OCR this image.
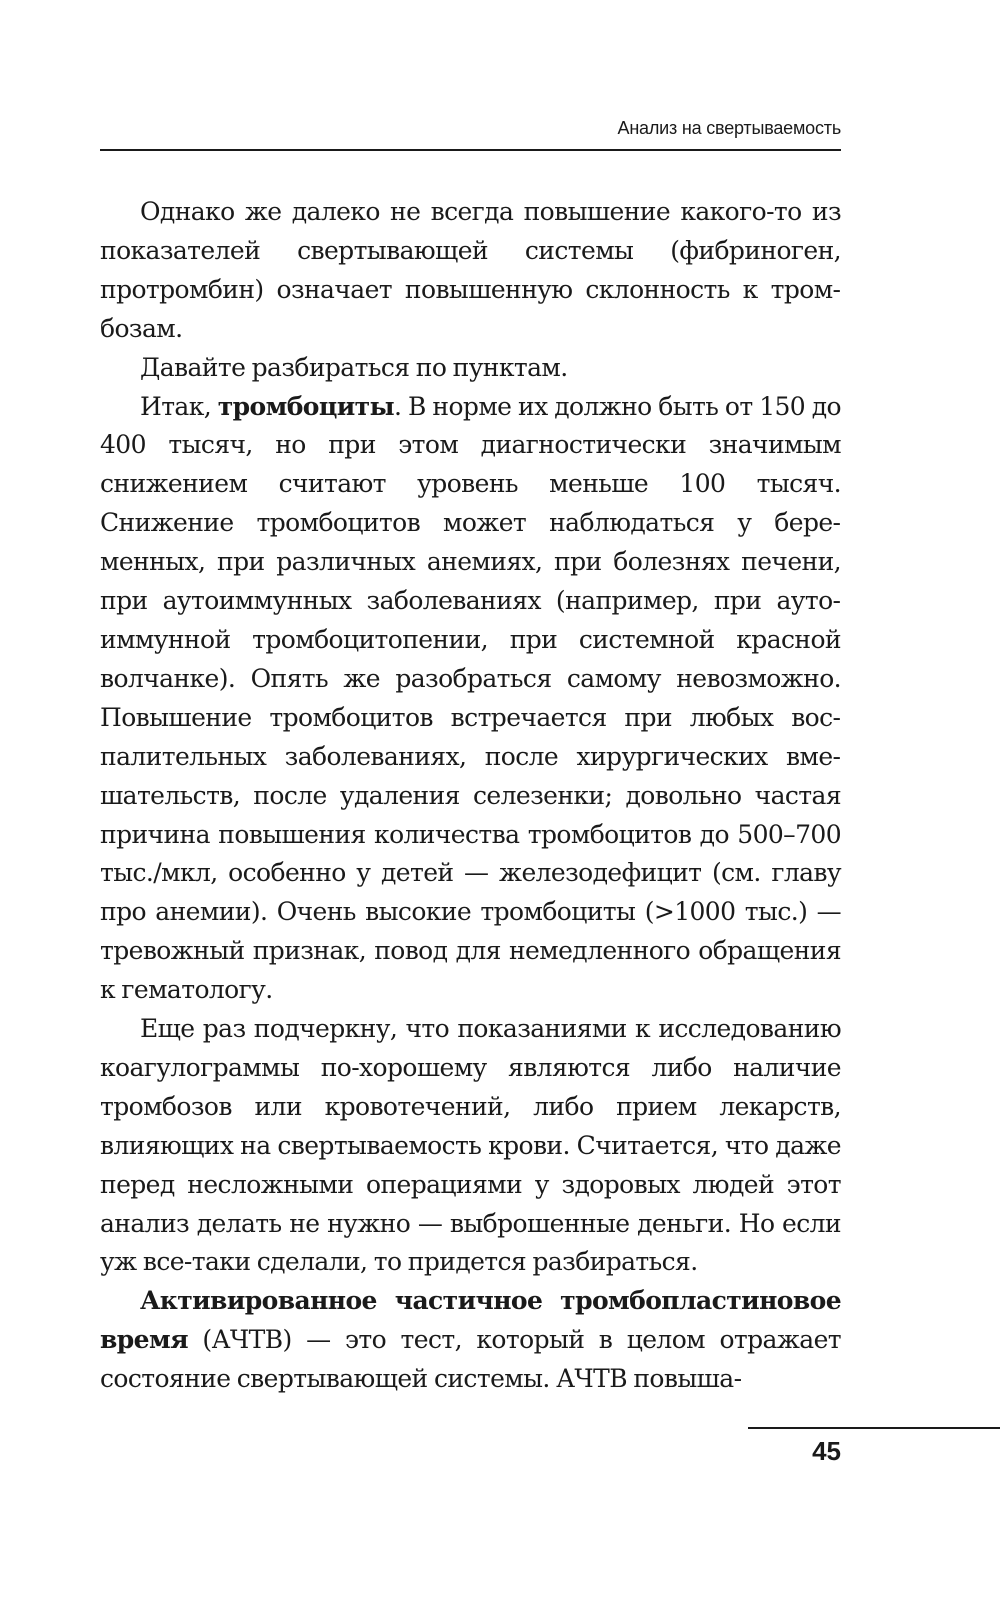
Анализ на свертываемость

Однако же далеко не всегда повышение какого-то из показателей свертывающей системы (фибриноген, протромбин) означает повышенную склонность к тромбозам.

Давайте разбираться по пунктам.

Итак, тромбоциты. В норме их должно быть от 150 до 400 тысяч, но при этом диагностически значимым снижением считают уровень меньше 100 тысяч. Снижение тромбоцитов может наблюдаться у беременных, при различных анемиях, при болезнях печени, при аутоиммунных заболеваниях (например, при аутоиммунной тромбоцитопении, при системной красной волчанке). Опять же разобраться самому невозможно. Повышение тромбоцитов встречается при любых воспалительных заболеваниях, после хирургических вмешательств, после удаления селезенки; довольно частая причина повышения количества тромбоцитов до 500–700 тыс./мкл, особенно у детей — железодефицит (см. главу про анемии). Очень высокие тромбоциты (>1000 тыс.) — тревожный признак, повод для немедленного обращения к гематологу.

Еще раз подчеркну, что показаниями к исследованию коагулограммы по-хорошему являются либо наличие тромбозов или кровотечений, либо прием лекарств, влияющих на свертываемость крови. Считается, что даже перед несложными операциями у здоровых людей этот анализ делать не нужно — выброшенные деньги. Но если уж все-таки сделали, то придется разбираться.

Активированное частичное тромбопластиновое время (АЧТВ) — это тест, который в целом отражает состояние свертывающей системы. АЧТВ повыша-

45
